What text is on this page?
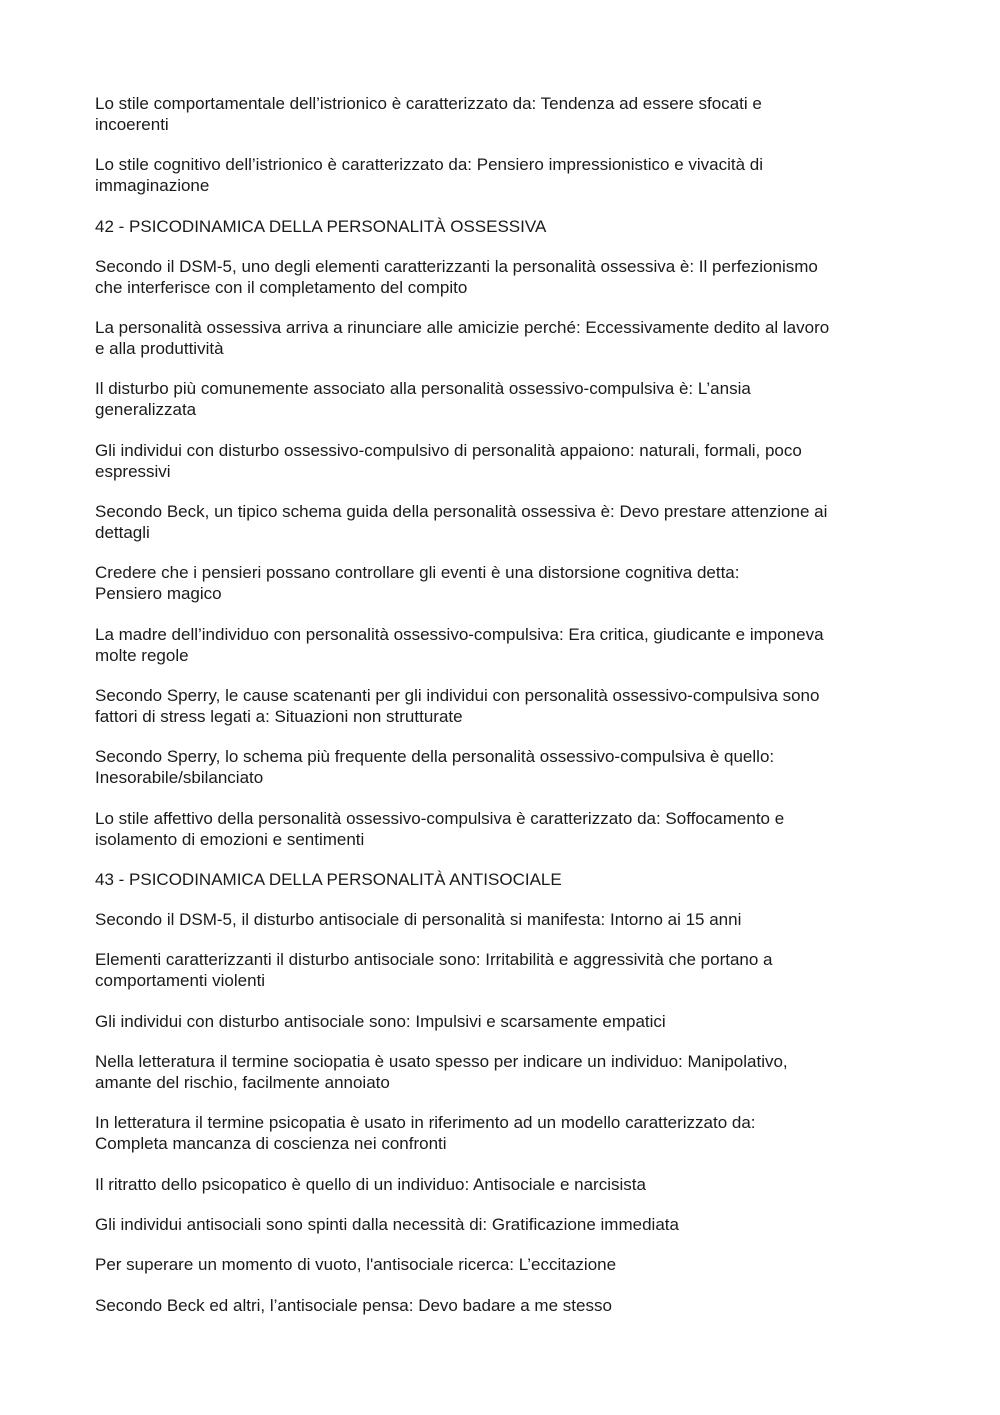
Lo stile comportamentale dell’istrionico è caratterizzato da: Tendenza ad essere sfocati e
incoerenti

Lo stile cognitivo dell’istrionico è caratterizzato da: Pensiero impressionistico e vivacità di
immaginazione

42 - PSICODINAMICA DELLA PERSONALITÀ OSSESSIVA

Secondo il DSM-5, uno degli elementi caratterizzanti la personalità ossessiva è: Il perfezionismo
che interferisce con il completamento del compito

La personalità ossessiva arriva a rinunciare alle amicizie perché: Eccessivamente dedito al lavoro
e alla produttività

Il disturbo più comunemente associato alla personalità ossessivo-compulsiva è: L’ansia
generalizzata

Gli individui con disturbo ossessivo-compulsivo di personalità appaiono: naturali, formali, poco
espressivi

Secondo Beck, un tipico schema guida della personalità ossessiva è: Devo prestare attenzione ai
dettagli

Credere che i pensieri possano controllare gli eventi è una distorsione cognitiva detta:
Pensiero magico

La madre dell’individuo con personalità ossessivo-compulsiva: Era critica, giudicante e imponeva
molte regole

Secondo Sperry, le cause scatenanti per gli individui con personalità ossessivo-compulsiva sono
fattori di stress legati a: Situazioni non strutturate

Secondo Sperry, lo schema più frequente della personalità ossessivo-compulsiva è quello:
Inesorabile/sbilanciato

Lo stile affettivo della personalità ossessivo-compulsiva è caratterizzato da: Soffocamento e
isolamento di emozioni e sentimenti

43 - PSICODINAMICA DELLA PERSONALITÀ ANTISOCIALE

Secondo il DSM-5, il disturbo antisociale di personalità si manifesta: Intorno ai 15 anni

Elementi caratterizzanti il disturbo antisociale sono: Irritabilità e aggressività che portano a
comportamenti violenti

Gli individui con disturbo antisociale sono: Impulsivi e scarsamente empatici

Nella letteratura il termine sociopatia è usato spesso per indicare un individuo: Manipolativo,
amante del rischio, facilmente annoiato

In letteratura il termine psicopatia è usato in riferimento ad un modello caratterizzato da:
Completa mancanza di coscienza nei confronti

Il ritratto dello psicopatico è quello di un individuo: Antisociale e narcisista

Gli individui antisociali sono spinti dalla necessità di: Gratificazione immediata

Per superare un momento di vuoto, l'antisociale ricerca: L’eccitazione

Secondo Beck ed altri, l’antisociale pensa: Devo badare a me stesso
